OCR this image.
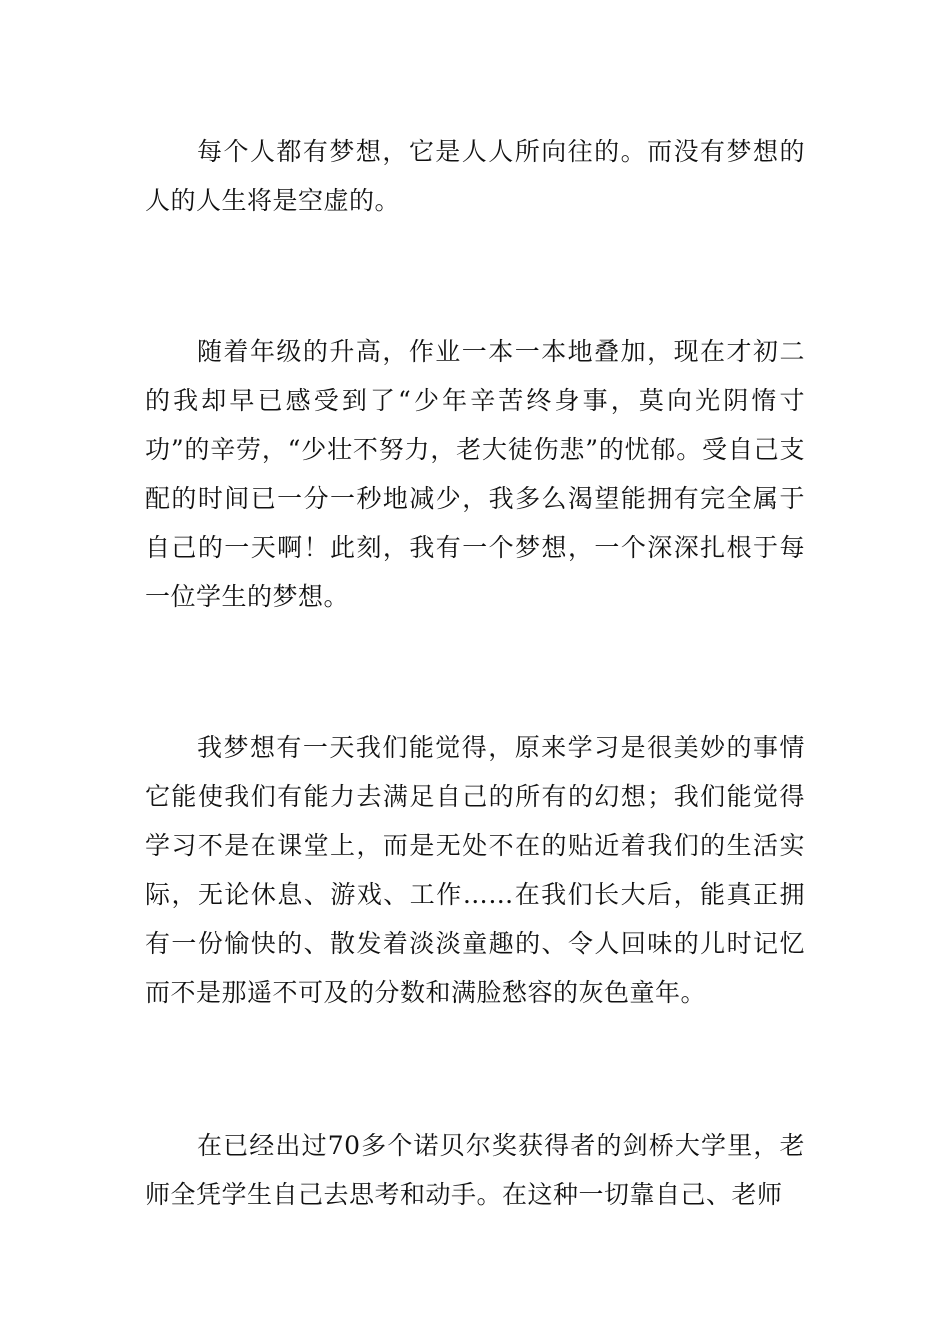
每个人都有梦想，它是人人所向往的。而没有梦想的人的人生将是空虚的。

随着年级的升高，作业一本一本地叠加，现在才初二的我却早已感受到了“少年辛苦终身事，莫向光阴惰寸功”的辛劳，“少壮不努力，老大徒伤悲”的忧郁。受自己支配的时间已一分一秒地减少，我多么渴望能拥有完全属于自己的一天啊！此刻，我有一个梦想，一个深深扎根于每一位学生的梦想。

我梦想有一天我们能觉得，原来学习是很美妙的事情它能使我们有能力去满足自己的所有的幻想；我们能觉得学习不是在课堂上，而是无处不在的贴近着我们的生活实际，无论休息、游戏、工作……在我们长大后，能真正拥有一份愉快的、散发着淡淡童趣的、令人回味的儿时记忆而不是那遥不可及的分数和满脸愁容的灰色童年。

在已经出过70多个诺贝尔奖获得者的剑桥大学里，老师全凭学生自己去思考和动手。在这种一切靠自己、老师
